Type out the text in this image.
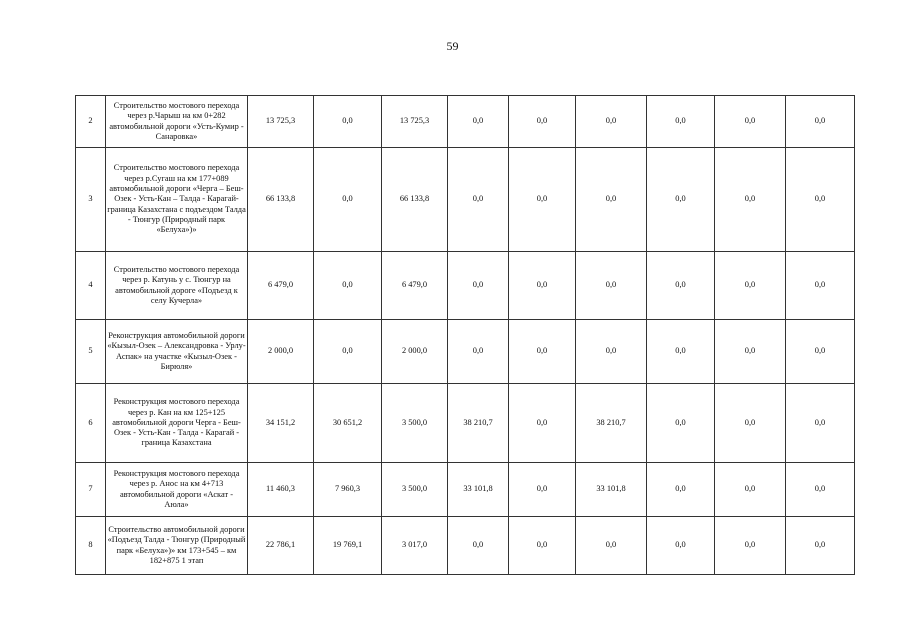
59
2	Строительство мостового перехода через р.Чарыш на км 0+282 автомобильной дороги «Усть-Кумир - Санаровка»	13 725,3	0,0	13 725,3	0,0	0,0	0,0	0,0	0,0	0,0
3	Строительство мостового перехода через р.Сугаш на км 177+089 автомобильной дороги «Черга – Беш-Озек - Усть-Кан – Талда - Карагай- граница Казахстана с подъездом Талда - Тюнгур (Природный парк «Белуха»)»	66 133,8	0,0	66 133,8	0,0	0,0	0,0	0,0	0,0	0,0
4	Строительство мостового перехода через р. Катунь у с. Тюнгур на автомобильной дороге «Подъезд к селу Кучерла»	6 479,0	0,0	6 479,0	0,0	0,0	0,0	0,0	0,0	0,0
5	Реконструкция автомобильной дороги «Кызыл-Озек – Александровка - Урлу-Аспак» на участке «Кызыл-Озек - Бирюля»	2 000,0	0,0	2 000,0	0,0	0,0	0,0	0,0	0,0	0,0
6	Реконструкция мостового перехода через р. Кан на км 125+125 автомобильной дороги Черга - Беш-Озек - Усть-Кан - Талда - Карагай - граница Казахстана	34 151,2	30 651,2	3 500,0	38 210,7	0,0	38 210,7	0,0	0,0	0,0
7	Реконструкция мостового перехода через р. Анос на км 4+713 автомобильной дороги «Аскат - Аюла»	11 460,3	7 960,3	3 500,0	33 101,8	0,0	33 101,8	0,0	0,0	0,0
8	Строительство автомобильной дороги «Подъезд Талда - Тюнгур (Природный парк «Белуха»)» км 173+545 – км 182+875 1 этап	22 786,1	19 769,1	3 017,0	0,0	0,0	0,0	0,0	0,0	0,0
